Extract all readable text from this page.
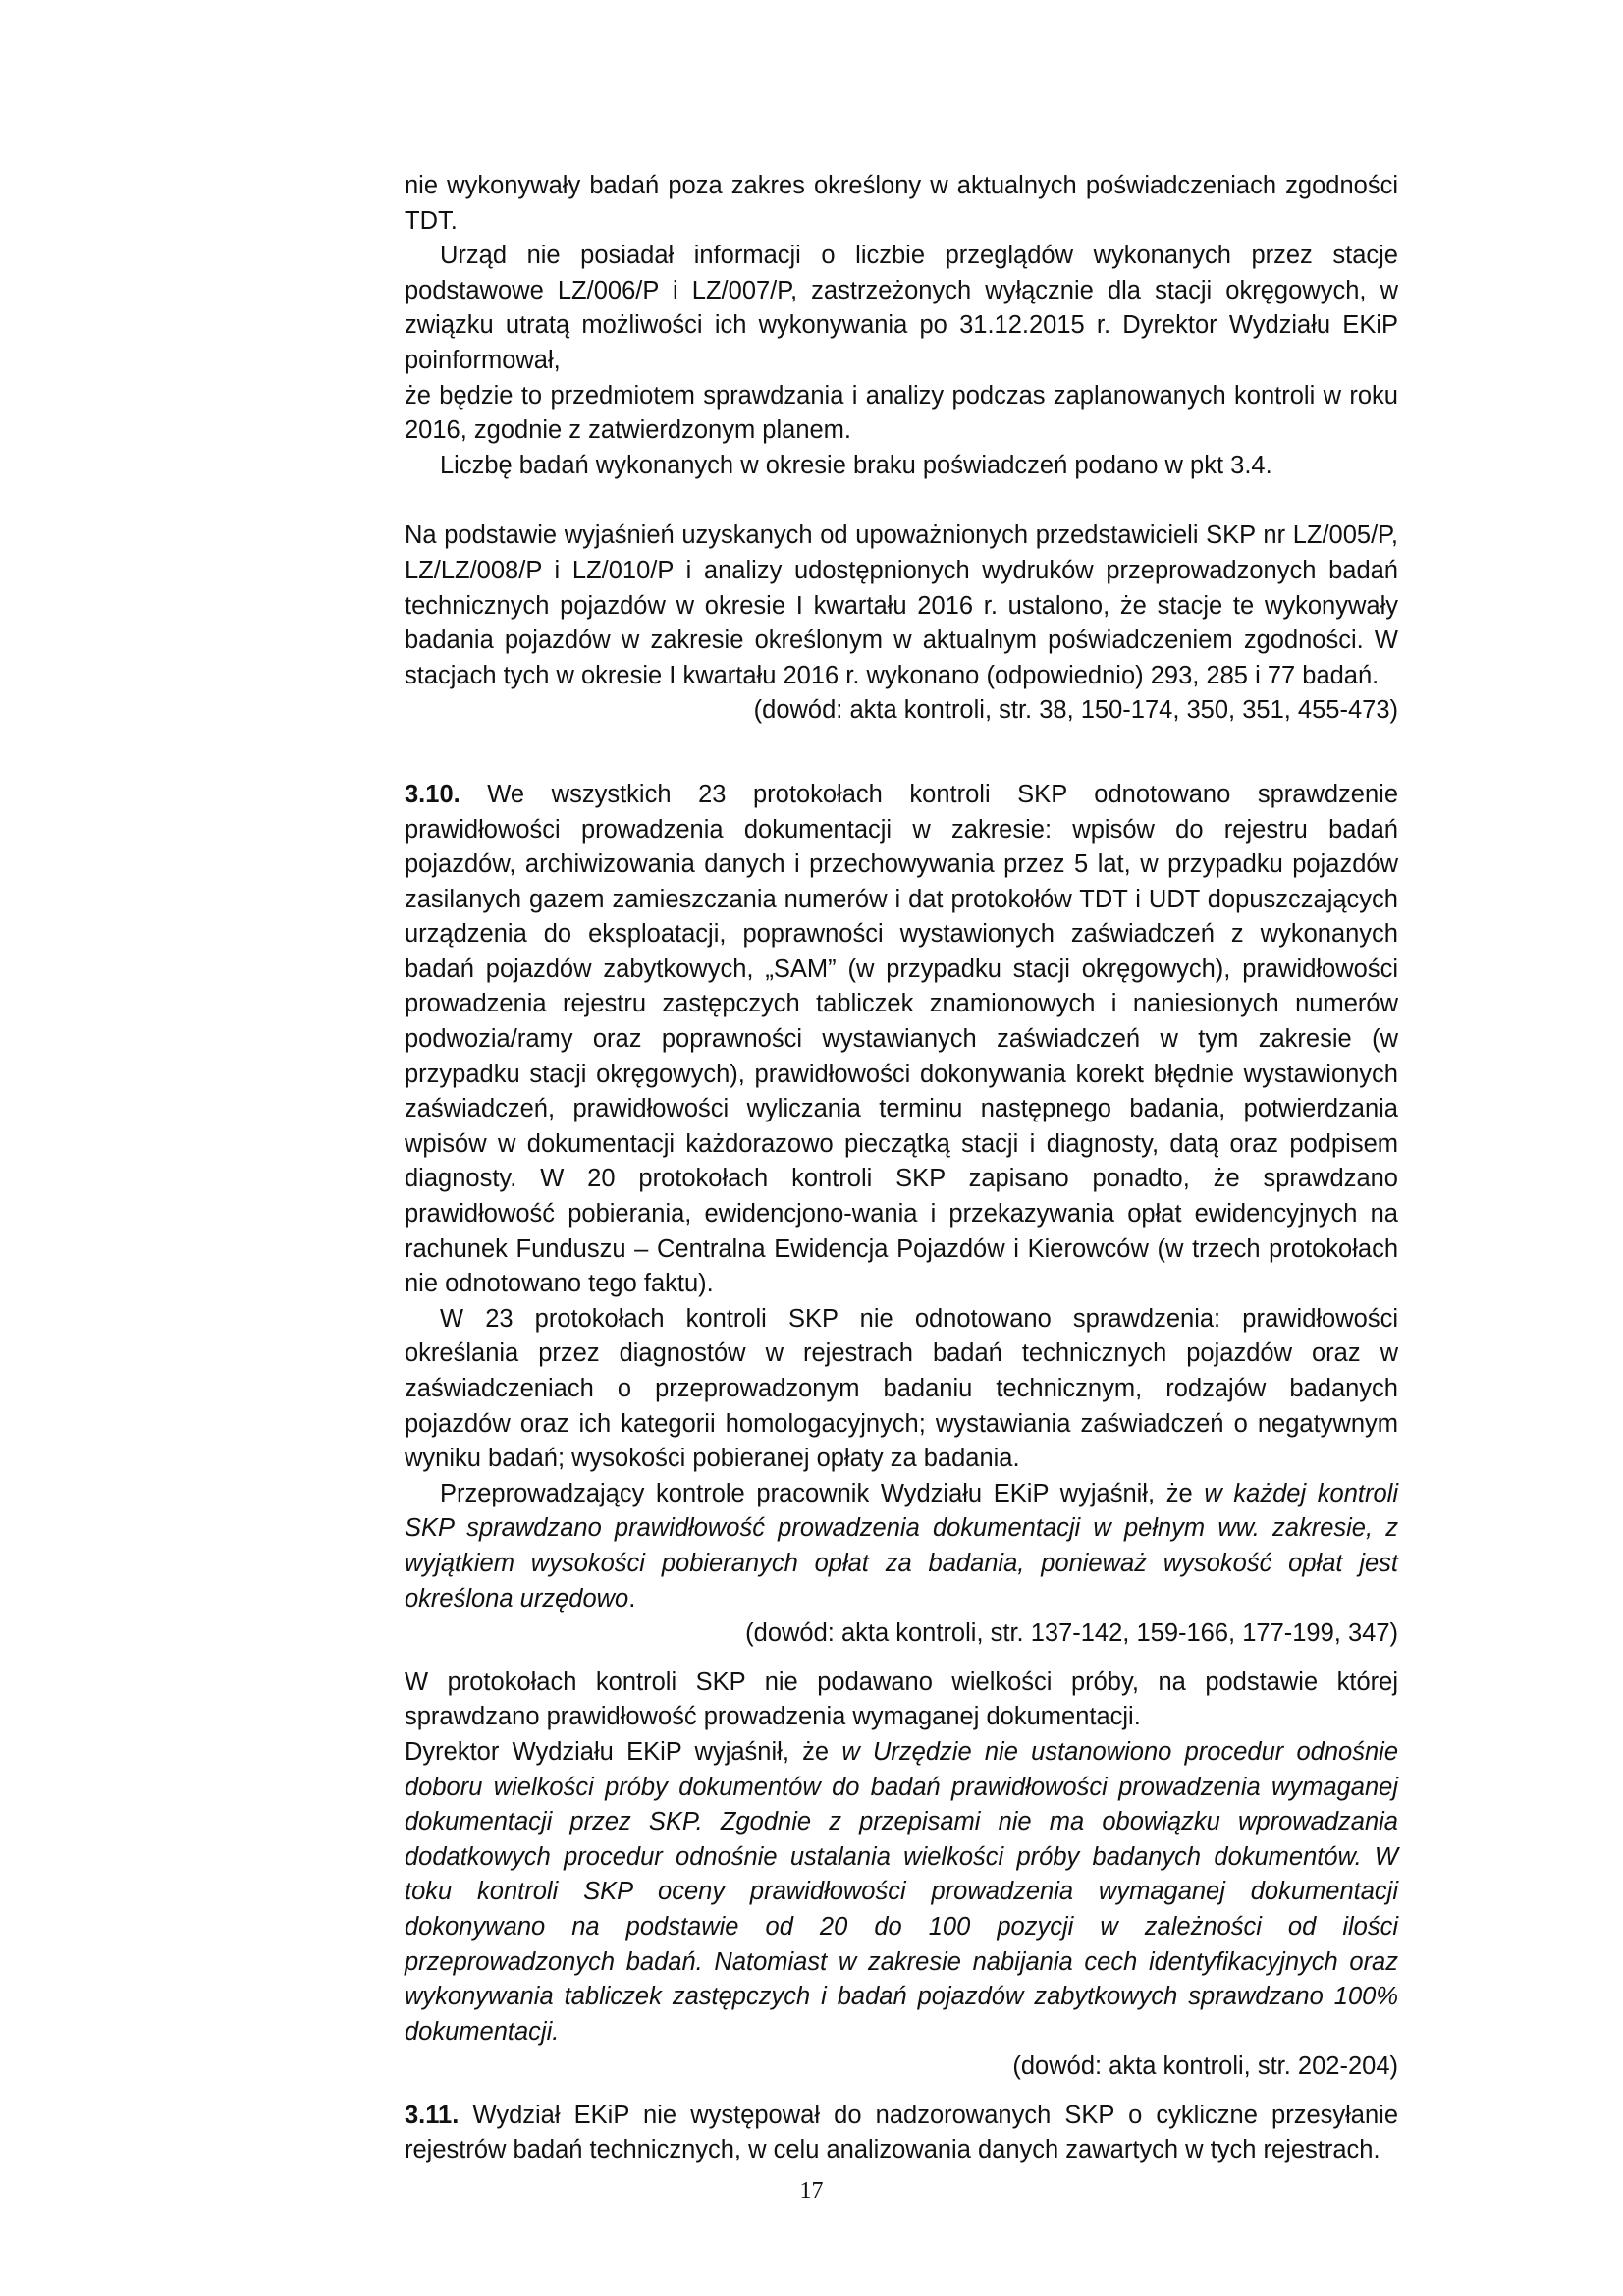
nie wykonywały badań poza zakres określony w aktualnych poświadczeniach zgodności TDT.

Urząd nie posiadał informacji o liczbie przeglądów wykonanych przez stacje podstawowe LZ/006/P i LZ/007/P, zastrzeżonych wyłącznie dla stacji okręgowych, w związku utratą możliwości ich wykonywania po 31.12.2015 r. Dyrektor Wydziału EKiP poinformował,

że będzie to przedmiotem sprawdzania i analizy podczas zaplanowanych kontroli w roku 2016, zgodnie z zatwierdzonym planem.

Liczbę badań wykonanych w okresie braku poświadczeń podano w pkt 3.4.

Na podstawie wyjaśnień uzyskanych od upoważnionych przedstawicieli SKP nr LZ/005/P, LZ/LZ/008/P i LZ/010/P i analizy udostępnionych wydruków przeprowadzonych badań technicznych pojazdów w okresie I kwartału 2016 r. ustalono, że stacje te wykonywały badania pojazdów w zakresie określonym w aktualnym poświadczeniem zgodności. W stacjach tych w okresie I kwartału 2016 r. wykonano (odpowiednio) 293, 285 i 77 badań.

(dowód: akta kontroli, str. 38, 150-174, 350, 351, 455-473)

3.10. We wszystkich 23 protokołach kontroli SKP odnotowano sprawdzenie prawidłowości prowadzenia dokumentacji w zakresie: wpisów do rejestru badań pojazdów, archiwizowania danych i przechowywania przez 5 lat, w przypadku pojazdów zasilanych gazem zamieszczania numerów i dat protokołów TDT i UDT dopuszczających urządzenia do eksploatacji, poprawności wystawionych zaświadczeń z wykonanych badań pojazdów zabytkowych, „SAM” (w przypadku stacji okręgowych), prawidłowości prowadzenia rejestru zastępczych tabliczek znamionowych i naniesionych numerów podwozia/ramy oraz poprawności wystawianych zaświadczeń w tym zakresie (w przypadku stacji okręgowych), prawidłowości dokonywania korekt błędnie wystawionych zaświadczeń, prawidłowości wyliczania terminu następnego badania, potwierdzania wpisów w dokumentacji każdorazowo pieczątką stacji i diagnosty, datą oraz podpisem diagnosty. W 20 protokołach kontroli SKP zapisano ponadto, że sprawdzano prawidłowość pobierania, ewidencjono-wania i przekazywania opłat ewidencyjnych na rachunek Funduszu – Centralna Ewidencja Pojazdów i Kierowców (w trzech protokołach nie odnotowano tego faktu).

W 23 protokołach kontroli SKP nie odnotowano sprawdzenia: prawidłowości określania przez diagnostów w rejestrach badań technicznych pojazdów oraz w zaświadczeniach o przeprowadzonym badaniu technicznym, rodzajów badanych pojazdów oraz ich kategorii homologacyjnych; wystawiania zaświadczeń o negatywnym wyniku badań; wysokości pobieranej opłaty za badania.

Przeprowadzający kontrole pracownik Wydziału EKiP wyjaśnił, że w każdej kontroli SKP sprawdzano prawidłowość prowadzenia dokumentacji w pełnym ww. zakresie, z wyjątkiem wysokości pobieranych opłat za badania, ponieważ wysokość opłat jest określona urzędowo.

(dowód: akta kontroli, str. 137-142, 159-166, 177-199, 347)

W protokołach kontroli SKP nie podawano wielkości próby, na podstawie której sprawdzano prawidłowość prowadzenia wymaganej dokumentacji.

Dyrektor Wydziału EKiP wyjaśnił, że w Urzędzie nie ustanowiono procedur odnośnie doboru wielkości próby dokumentów do badań prawidłowości prowadzenia wymaganej dokumentacji przez SKP. Zgodnie z przepisami nie ma obowiązku wprowadzania dodatkowych procedur odnośnie ustalania wielkości próby badanych dokumentów. W toku kontroli SKP oceny prawidłowości prowadzenia wymaganej dokumentacji dokonywano na podstawie od 20 do 100 pozycji w zależności od ilości przeprowadzonych badań. Natomiast w zakresie nabijania cech identyfikacyjnych oraz wykonywania tabliczek zastępczych i badań pojazdów zabytkowych sprawdzano 100% dokumentacji.

(dowód: akta kontroli, str. 202-204)

3.11. Wydział EKiP nie występował do nadzorowanych SKP o cykliczne przesyłanie rejestrów badań technicznych, w celu analizowania danych zawartych w tych rejestrach.

17
